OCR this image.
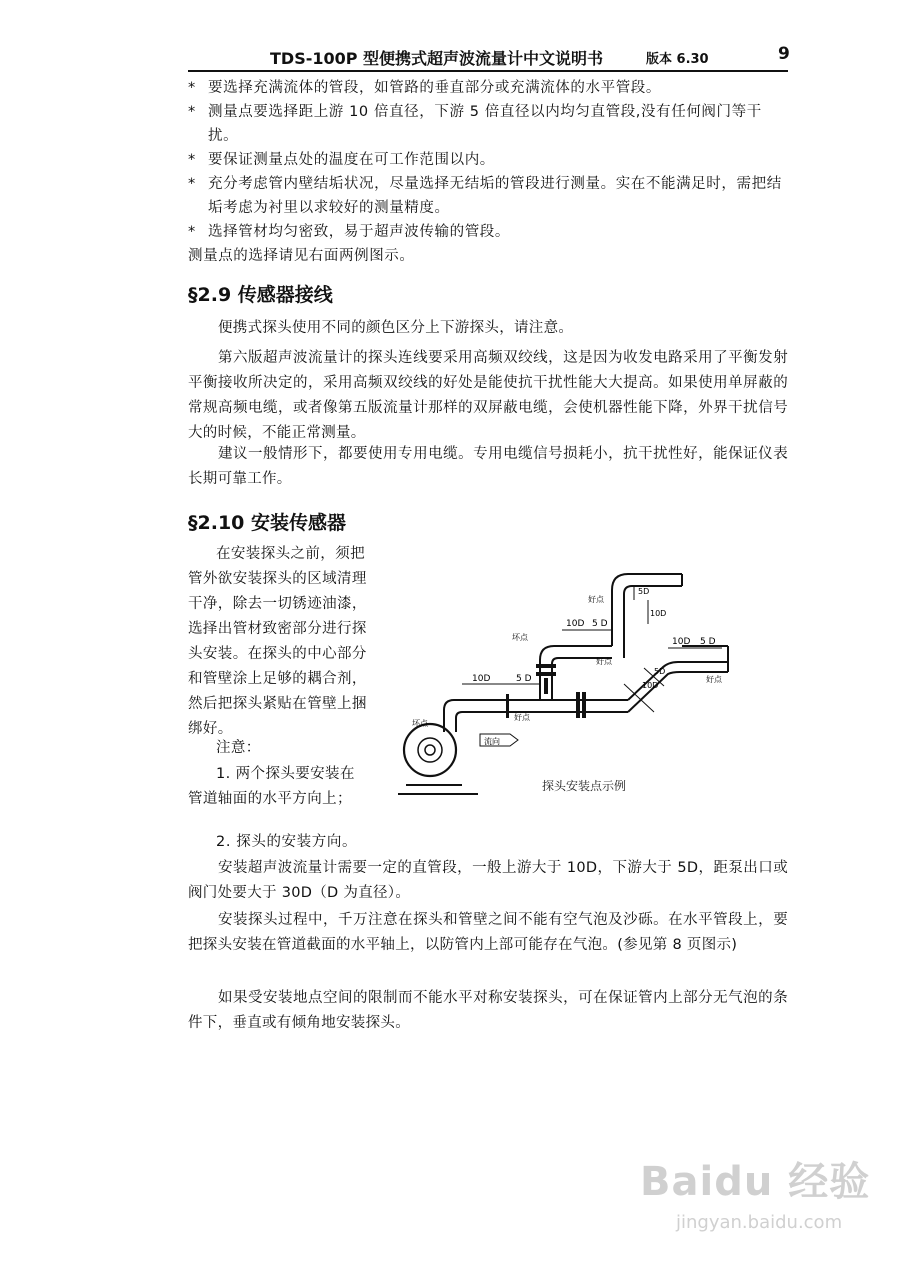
TDS-100P 型便携式超声波流量计中文说明书	版本 6.30	9
* 要选择充满流体的管段，如管路的垂直部分或充满流体的水平管段。
* 测量点要选择距上游 10 倍直径，下游 5 倍直径以内均匀直管段,没有任何阀门等干扰。
* 要保证测量点处的温度在可工作范围以内。
* 充分考虑管内壁结垢状况，尽量选择无结垢的管段进行测量。实在不能满足时，需把结垢考虑为衬里以求较好的测量精度。
* 选择管材均匀密致，易于超声波传输的管段。
测量点的选择请见右面两例图示。
§2.9 传感器接线
便携式探头使用不同的颜色区分上下游探头，请注意。
第六版超声波流量计的探头连线要采用高频双绞线，这是因为收发电路采用了平衡发射平衡接收所决定的，采用高频双绞线的好处是能使抗干扰性能大大提高。如果使用单屏蔽的常规高频电缆，或者像第五版流量计那样的双屏蔽电缆，会使机器性能下降，外界干扰信号大的时候，不能正常测量。
建议一般情形下，都要使用专用电缆。专用电缆信号损耗小，抗干扰性好，能保证仪表长期可靠工作。
§2.10 安装传感器
在安装探头之前，须把管外欲安装探头的区域清理干净，除去一切锈迹油漆，选择出管材致密部分进行探头安装。在探头的中心部分和管壁涂上足够的耦合剂，然后把探头紧贴在管壁上捆绑好。
注意：
1. 两个探头要安装在管道轴面的水平方向上；
2. 探头的安装方向。
安装超声波流量计需要一定的直管段，一般上游大于 10D，下游大于 5D，距泵出口或阀门处要大于 30D（D 为直径）。
安装探头过程中，千万注意在探头和管壁之间不能有空气泡及沙砾。在水平管段上，要把探头安装在管道截面的水平轴上，以防管内上部可能存在气泡。(参见第 8 页图示)
如果受安装地点空间的限制而不能水平对称安装探头，可在保证管内上部分无气泡的条件下，垂直或有倾角地安装探头。
10D	5 D
10D 5 D
10D 5 D
5D
10D
10D
5D
好点
好点
好点
好点
坏点
坏点
流向
探头安装点示例
Baidu 经验
jingyan.baidu.com
